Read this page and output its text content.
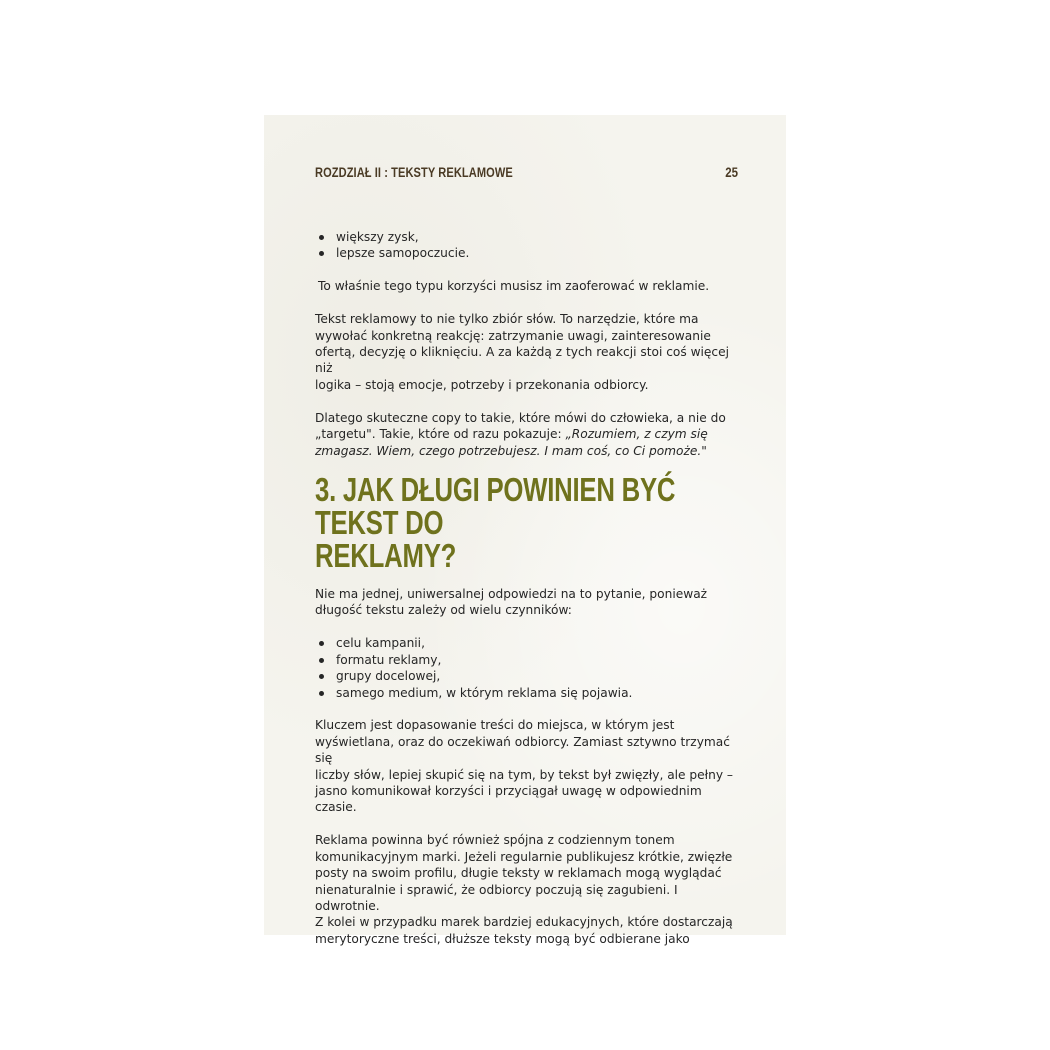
ROZDZIAŁ II : TEKSTY REKLAMOWE	25
większy zysk,
lepsze samopoczucie.

To właśnie tego typu korzyści musisz im zaoferować w reklamie.

Tekst reklamowy to nie tylko zbiór słów. To narzędzie, które ma

wywołać konkretną reakcję: zatrzymanie uwagi, zainteresowanie

ofertą, decyzję o kliknięciu. A za każdą z tych reakcji stoi coś więcej niż

logika – stoją emocje, potrzeby i przekonania odbiorcy.

Dlatego skuteczne copy to takie, które mówi do człowieka, a nie do

„targetu". Takie, które od razu pokazuje: „Rozumiem, z czym się

zmagasz. Wiem, czego potrzebujesz. I mam coś, co Ci pomoże."

3. JAK DŁUGI POWINIEN BYĆ TEKST DO
REKLAMY?

Nie ma jednej, uniwersalnej odpowiedzi na to pytanie, ponieważ

długość tekstu zależy od wielu czynników:

celu kampanii,
formatu reklamy,
grupy docelowej,
samego medium, w którym reklama się pojawia.

Kluczem jest dopasowanie treści do miejsca, w którym jest

wyświetlana, oraz do oczekiwań odbiorcy. Zamiast sztywno trzymać się

liczby słów, lepiej skupić się na tym, by tekst był zwięzły, ale pełny –

jasno komunikował korzyści i przyciągał uwagę w odpowiednim czasie.

Reklama powinna być również spójna z codziennym tonem

komunikacyjnym marki. Jeżeli regularnie publikujesz krótkie, zwięzłe

posty na swoim profilu, długie teksty w reklamach mogą wyglądać

nienaturalnie i sprawić, że odbiorcy poczują się zagubieni. I odwrotnie.

Z kolei w przypadku marek bardziej edukacyjnych, które dostarczają

merytoryczne treści, dłuższe teksty mogą być odbierane jako
